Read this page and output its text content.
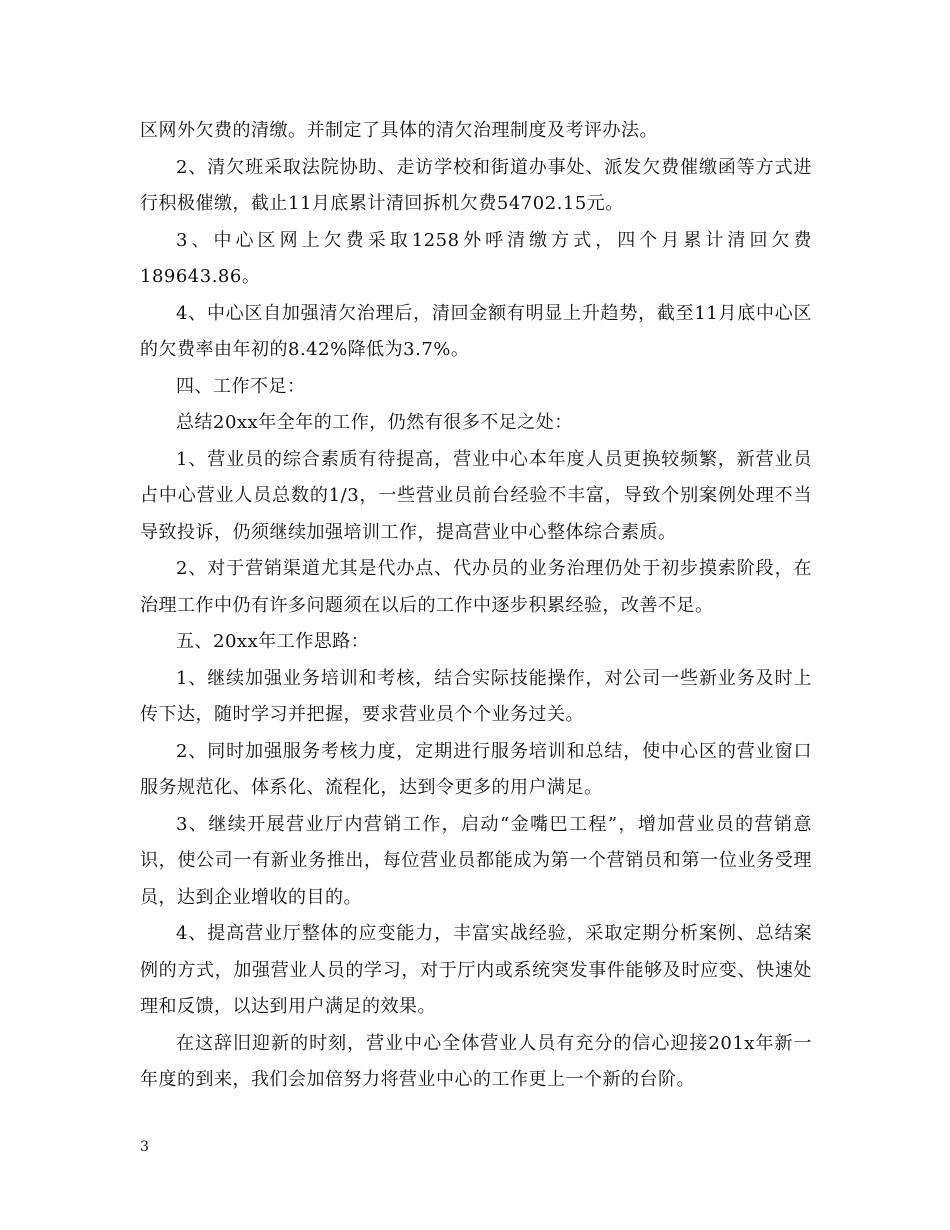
区网外欠费的清缴。并制定了具体的清欠治理制度及考评办法。

2、清欠班采取法院协助、走访学校和街道办事处、派发欠费催缴函等方式进行积极催缴，截止11月底累计清回拆机欠费54702.15元。

3、中心区网上欠费采取1258外呼清缴方式，四个月累计清回欠费189643.86。

4、中心区自加强清欠治理后，清回金额有明显上升趋势，截至11月底中心区的欠费率由年初的8.42%降低为3.7%。

四、工作不足：

总结20xx年全年的工作，仍然有很多不足之处：

1、营业员的综合素质有待提高，营业中心本年度人员更换较频繁，新营业员占中心营业人员总数的1/3，一些营业员前台经验不丰富，导致个别案例处理不当导致投诉，仍须继续加强培训工作，提高营业中心整体综合素质。

2、对于营销渠道尤其是代办点、代办员的业务治理仍处于初步摸索阶段，在治理工作中仍有许多问题须在以后的工作中逐步积累经验，改善不足。

五、20xx年工作思路：

1、继续加强业务培训和考核，结合实际技能操作，对公司一些新业务及时上传下达，随时学习并把握，要求营业员个个业务过关。

2、同时加强服务考核力度，定期进行服务培训和总结，使中心区的营业窗口服务规范化、体系化、流程化，达到令更多的用户满足。

3、继续开展营业厅内营销工作，启动“金嘴巴工程”，增加营业员的营销意识，使公司一有新业务推出，每位营业员都能成为第一个营销员和第一位业务受理员，达到企业增收的目的。

4、提高营业厅整体的应变能力，丰富实战经验，采取定期分析案例、总结案例的方式，加强营业人员的学习，对于厅内或系统突发事件能够及时应变、快速处理和反馈，以达到用户满足的效果。

在这辞旧迎新的时刻，营业中心全体营业人员有充分的信心迎接201x年新一年度的到来，我们会加倍努力将营业中心的工作更上一个新的台阶。

3
